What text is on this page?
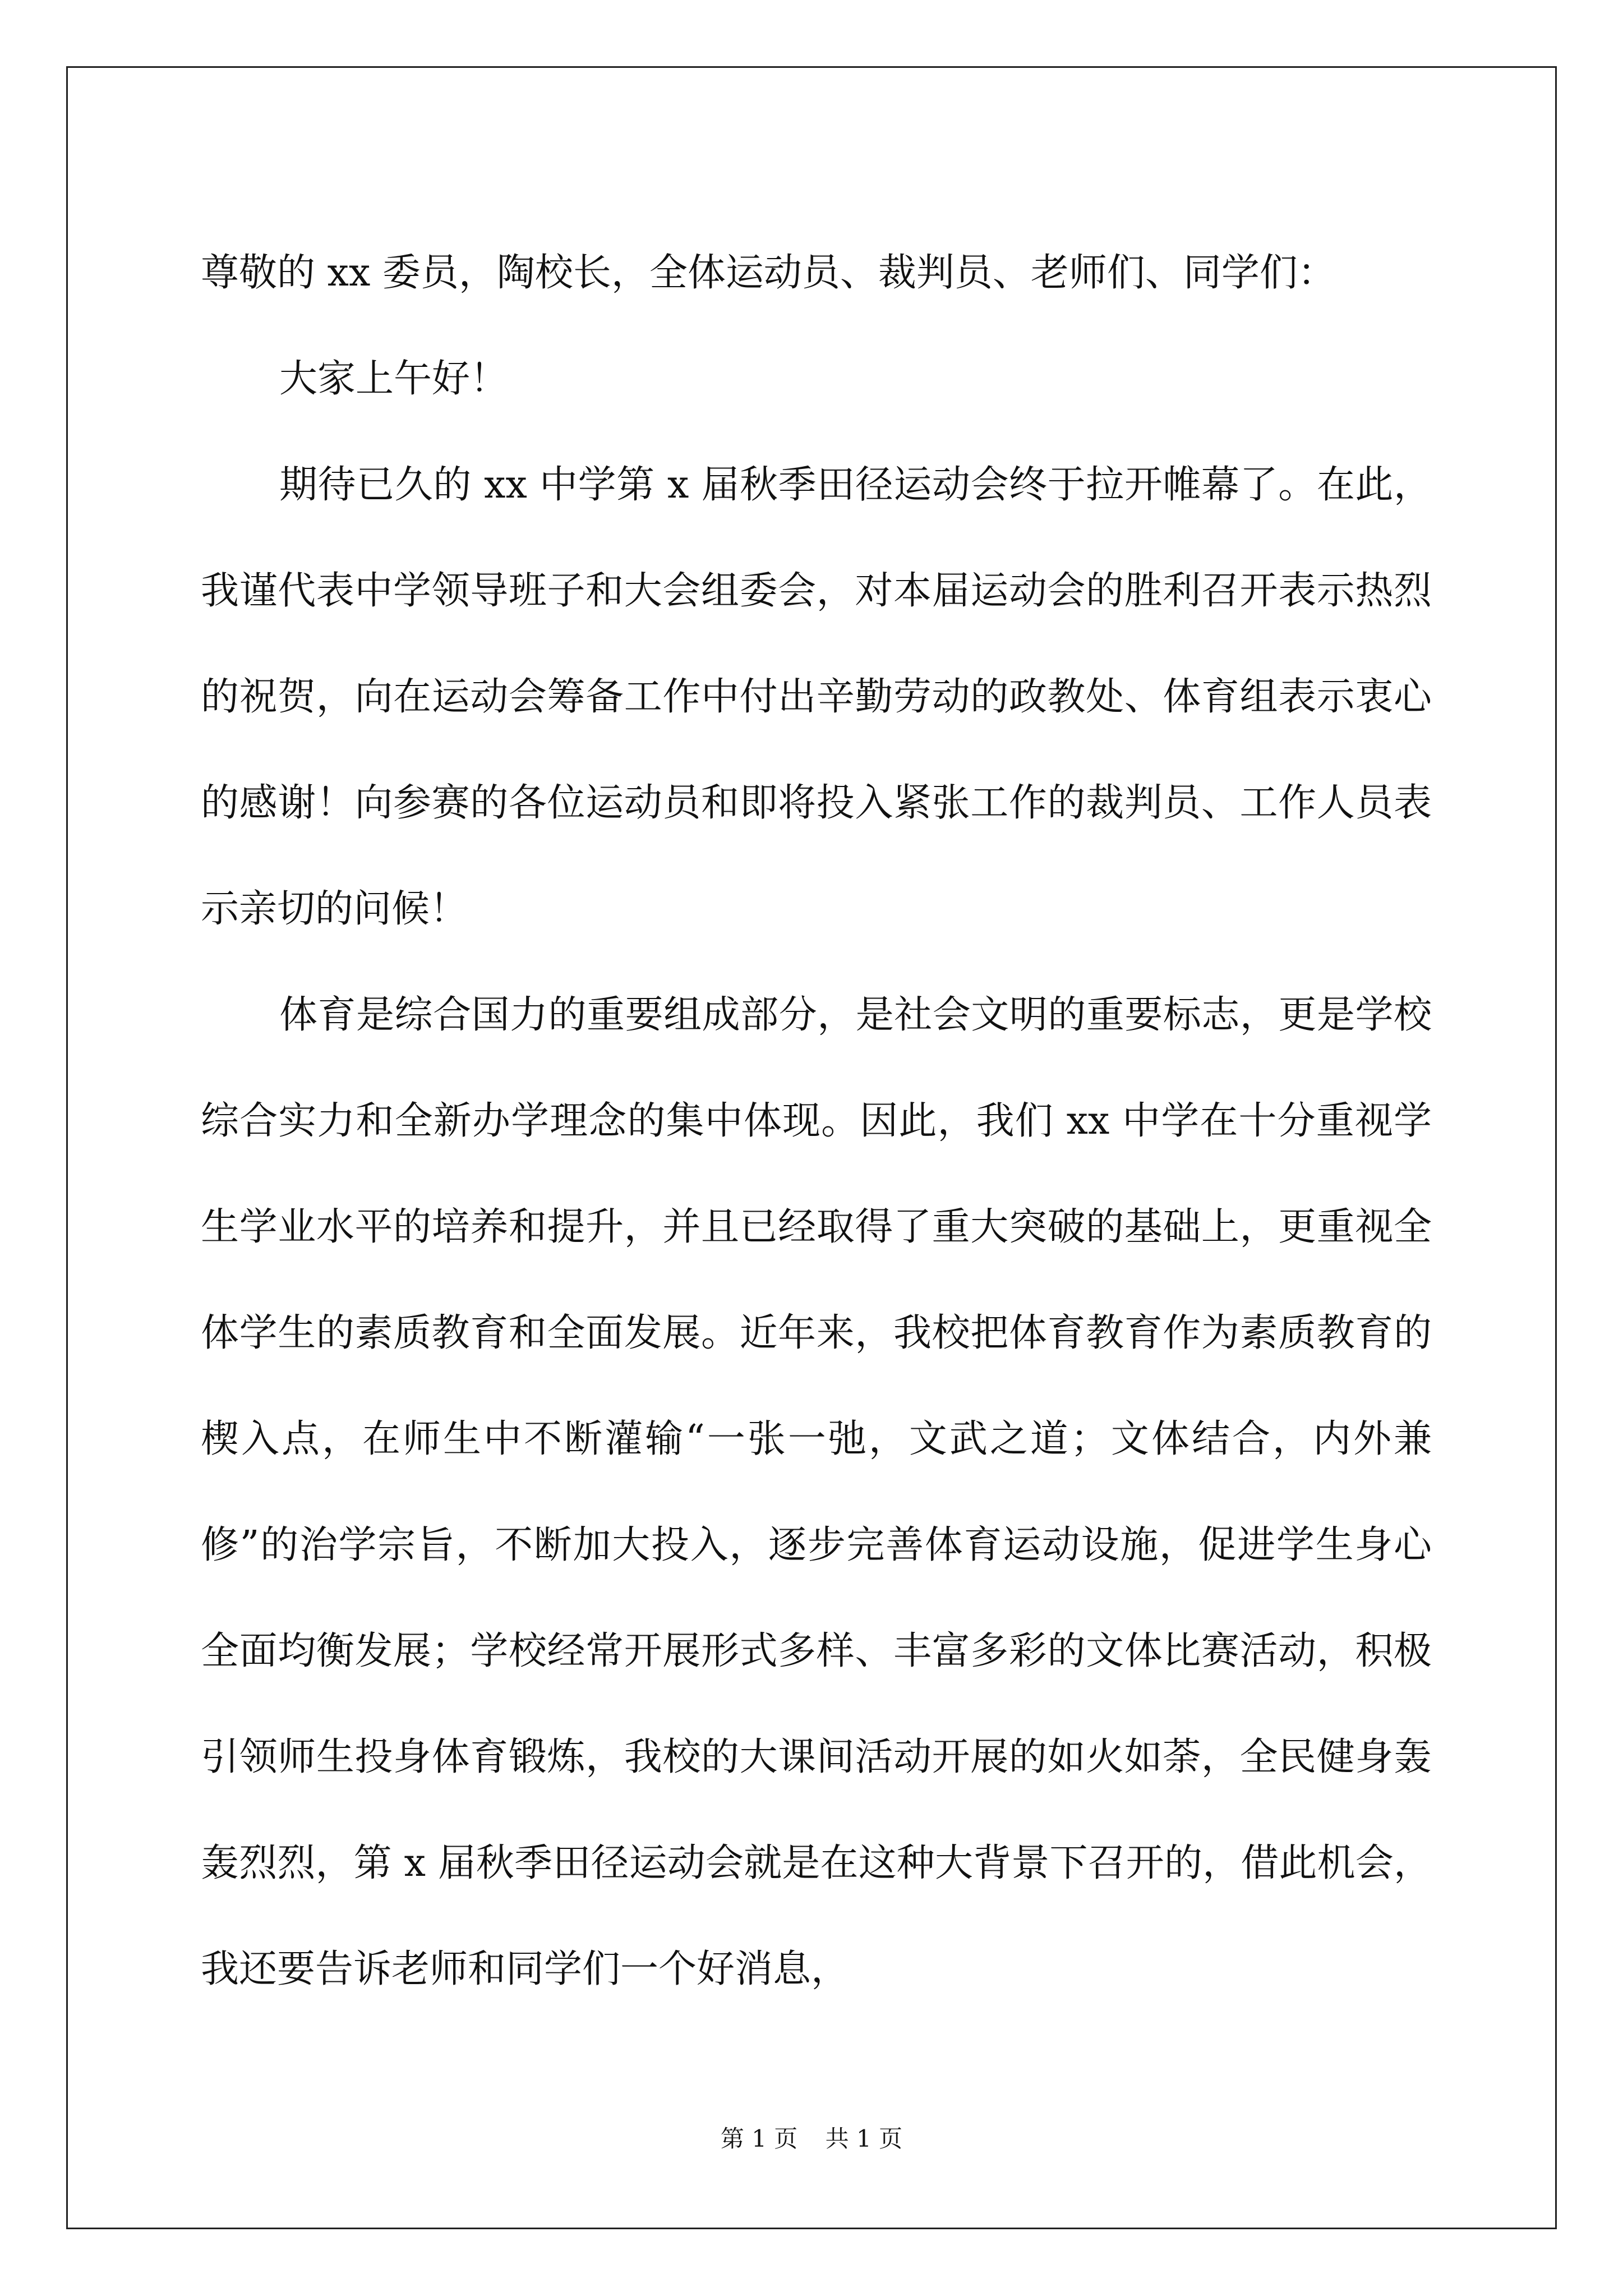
尊敬的 xx 委员，陶校长，全体运动员、裁判员、老师们、同学们：

大家上午好！

期待已久的 xx 中学第 x 届秋季田径运动会终于拉开帷幕了。在此，我谨代表中学领导班子和大会组委会，对本届运动会的胜利召开表示热烈的祝贺，向在运动会筹备工作中付出辛勤劳动的政教处、体育组表示衷心的感谢！向参赛的各位运动员和即将投入紧张工作的裁判员、工作人员表示亲切的问候！

体育是综合国力的重要组成部分，是社会文明的重要标志，更是学校综合实力和全新办学理念的集中体现。因此，我们 xx 中学在十分重视学生学业水平的培养和提升，并且已经取得了重大突破的基础上，更重视全体学生的素质教育和全面发展。近年来，我校把体育教育作为素质教育的楔入点，在师生中不断灌输“一张一弛，文武之道；文体结合，内外兼修”的治学宗旨，不断加大投入，逐步完善体育运动设施，促进学生身心全面均衡发展；学校经常开展形式多样、丰富多彩的文体比赛活动，积极引领师生投身体育锻炼，我校的大课间活动开展的如火如荼，全民健身轰轰烈烈，第 x 届秋季田径运动会就是在这种大背景下召开的，借此机会，我还要告诉老师和同学们一个好消息，

第 1 页 共 1 页
